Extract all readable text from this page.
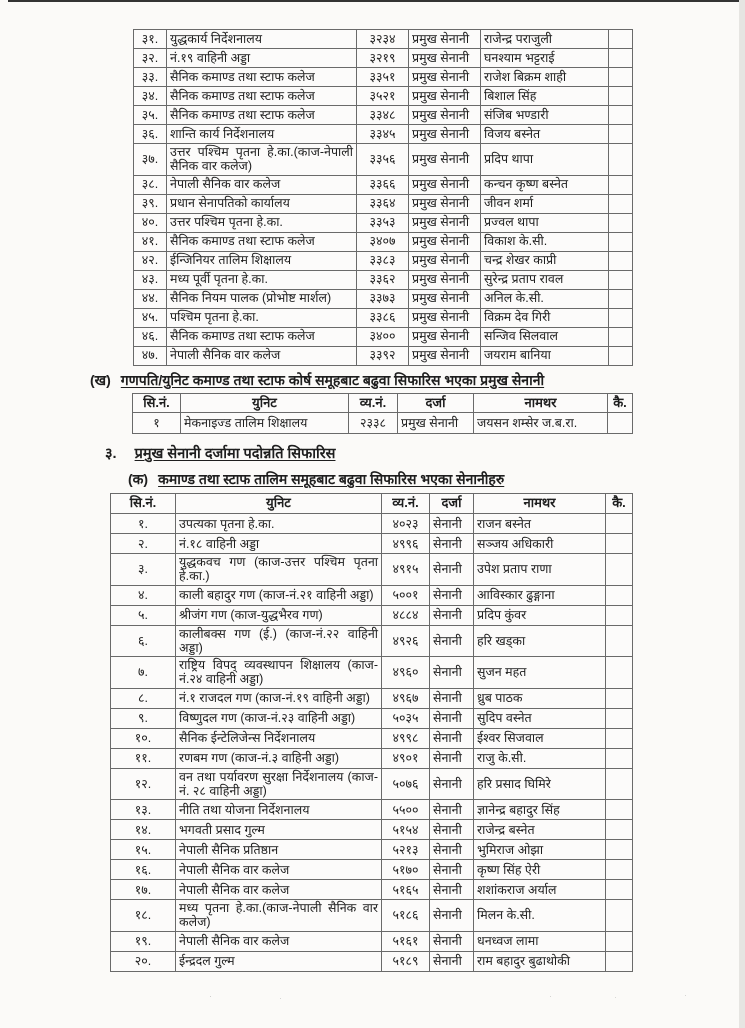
३१.	युद्धकार्य निर्देशनालय	३२३४	प्रमुख सेनानी	राजेन्द्र पराजुली	
३२.	नं.१९ वाहिनी अड्डा	३२१९	प्रमुख सेनानी	घनश्याम भट्टराई	
३३.	सैनिक कमाण्ड तथा स्टाफ कलेज	३३५१	प्रमुख सेनानी	राजेश बिक्रम शाही	
३४.	सैनिक कमाण्ड तथा स्टाफ कलेज	३५२१	प्रमुख सेनानी	बिशाल सिंह	
३५.	सैनिक कमाण्ड तथा स्टाफ कलेज	३३४८	प्रमुख सेनानी	संजिब भण्डारी	
३६.	शान्ति कार्य निर्देशनालय	३३४५	प्रमुख सेनानी	विजय बस्नेत	
३७.	उत्तर पश्चिम पृतना हे.का.(काज-नेपाली सैनिक वार कलेज)	३३५६	प्रमुख सेनानी	प्रदिप थापा	
३८.	नेपाली सैनिक वार कलेज	३३६६	प्रमुख सेनानी	कन्चन कृष्ण बस्नेत	
३९.	प्रधान सेनापतिको कार्यालय	३३६४	प्रमुख सेनानी	जीवन शर्मा	
४०.	उत्तर पश्चिम पृतना हे.का.	३३५३	प्रमुख सेनानी	प्रज्वल थापा	
४१.	सैनिक कमाण्ड तथा स्टाफ कलेज	३४०७	प्रमुख सेनानी	विकाश के.सी.	
४२.	ईन्जिनियर तालिम शिक्षालय	३३८३	प्रमुख सेनानी	चन्द्र शेखर काप्री	
४३.	मध्य पूर्वी पृतना हे.का.	३३६२	प्रमुख सेनानी	सुरेन्द्र प्रताप रावल	
४४.	सैनिक नियम पालक (प्रोभोष्ट मार्शल)	३३७३	प्रमुख सेनानी	अनिल के.सी.	
४५.	पश्चिम पृतना हे.का.	३३८६	प्रमुख सेनानी	विक्रम देव गिरी	
४६.	सैनिक कमाण्ड तथा स्टाफ कलेज	३४००	प्रमुख सेनानी	सन्जिव सिलवाल	
४७.	नेपाली सैनिक वार कलेज	३३९२	प्रमुख सेनानी	जयराम बानिया	
(ख) गणपति/युनिट कमाण्ड तथा स्टाफ कोर्ष समूहबाट बढुवा सिफारिस भएका प्रमुख सेनानी
सि.नं.	युनिट	व्य.नं.	दर्जा	नामथर	कै.
१	मेकनाइज्ड तालिम शिक्षालय	२३३८	प्रमुख सेनानी	जयसन शम्सेर ज.ब.रा.	
३. प्रमुख सेनानी दर्जामा पदोन्नति सिफारिस
(क) कमाण्ड तथा स्टाफ तालिम समूहबाट बढुवा सिफारिस भएका सेनानीहरु
सि.नं.	युनिट	व्य.नं.	दर्जा	नामथर	कै.
१.	उपत्यका पृतना हे.का.	४०२३	सेनानी	राजन बस्नेत	
२.	नं.१८ वाहिनी अड्डा	४९९६	सेनानी	सञ्जय अधिकारी	
३.	युद्धकवच गण (काज-उत्तर पश्चिम पृतना हे.का.)	४९१५	सेनानी	उपेश प्रताप राणा	
४.	काली बहादुर गण (काज-नं.२१ वाहिनी अड्डा)	५००१	सेनानी	आविस्कार ढुङ्गाना	
५.	श्रीजंग गण (काज-युद्धभैरव गण)	४८८४	सेनानी	प्रदिप कुंवर	
६.	कालीबक्स गण (ई.) (काज-नं.२२ वाहिनी अड्डा)	४९२६	सेनानी	हरि खड्का	
७.	राष्ट्रिय विपद् व्यवस्थापन शिक्षालय (काज-नं.२४ वाहिनी अड्डा)	४९६०	सेनानी	सुजन महत	
८.	नं.१ राजदल गण (काज-नं.१९ वाहिनी अड्डा)	४९६७	सेनानी	ध्रुब पाठक	
९.	विष्णुदल गण (काज-नं.२३ वाहिनी अड्डा)	५०३५	सेनानी	सुदिप वस्नेत	
१०.	सैनिक ईन्टेलिजेन्स निर्देशनालय	४९९८	सेनानी	ईश्वर सिजवाल	
११.	रणबम गण (काज-नं.३ वाहिनी अड्डा)	४९०१	सेनानी	राजु के.सी.	
१२.	वन तथा पर्यावरण सुरक्षा निर्देशनालय (काज-नं. २८ वाहिनी अड्डा)	५०७६	सेनानी	हरि प्रसाद घिमिरे	
१३.	नीति तथा योजना निर्देशनालय	५५००	सेनानी	ज्ञानेन्द्र बहादुर सिंह	
१४.	भगवती प्रसाद गुल्म	५१५४	सेनानी	राजेन्द्र बस्नेत	
१५.	नेपाली सैनिक प्रतिष्ठान	५२१३	सेनानी	भुमिराज ओझा	
१६.	नेपाली सैनिक वार कलेज	५१७०	सेनानी	कृष्ण सिंह ऐरी	
१७.	नेपाली सैनिक वार कलेज	५१६५	सेनानी	शशांकराज अर्याल	
१८.	मध्य पृतना हे.का.(काज-नेपाली सैनिक वार कलेज)	५१८६	सेनानी	मिलन के.सी.	
१९.	नेपाली सैनिक वार कलेज	५१६१	सेनानी	धनध्वज लामा	
२०.	ईन्द्रदल गुल्म	५१८९	सेनानी	राम बहादुर बुढाथोकी	
